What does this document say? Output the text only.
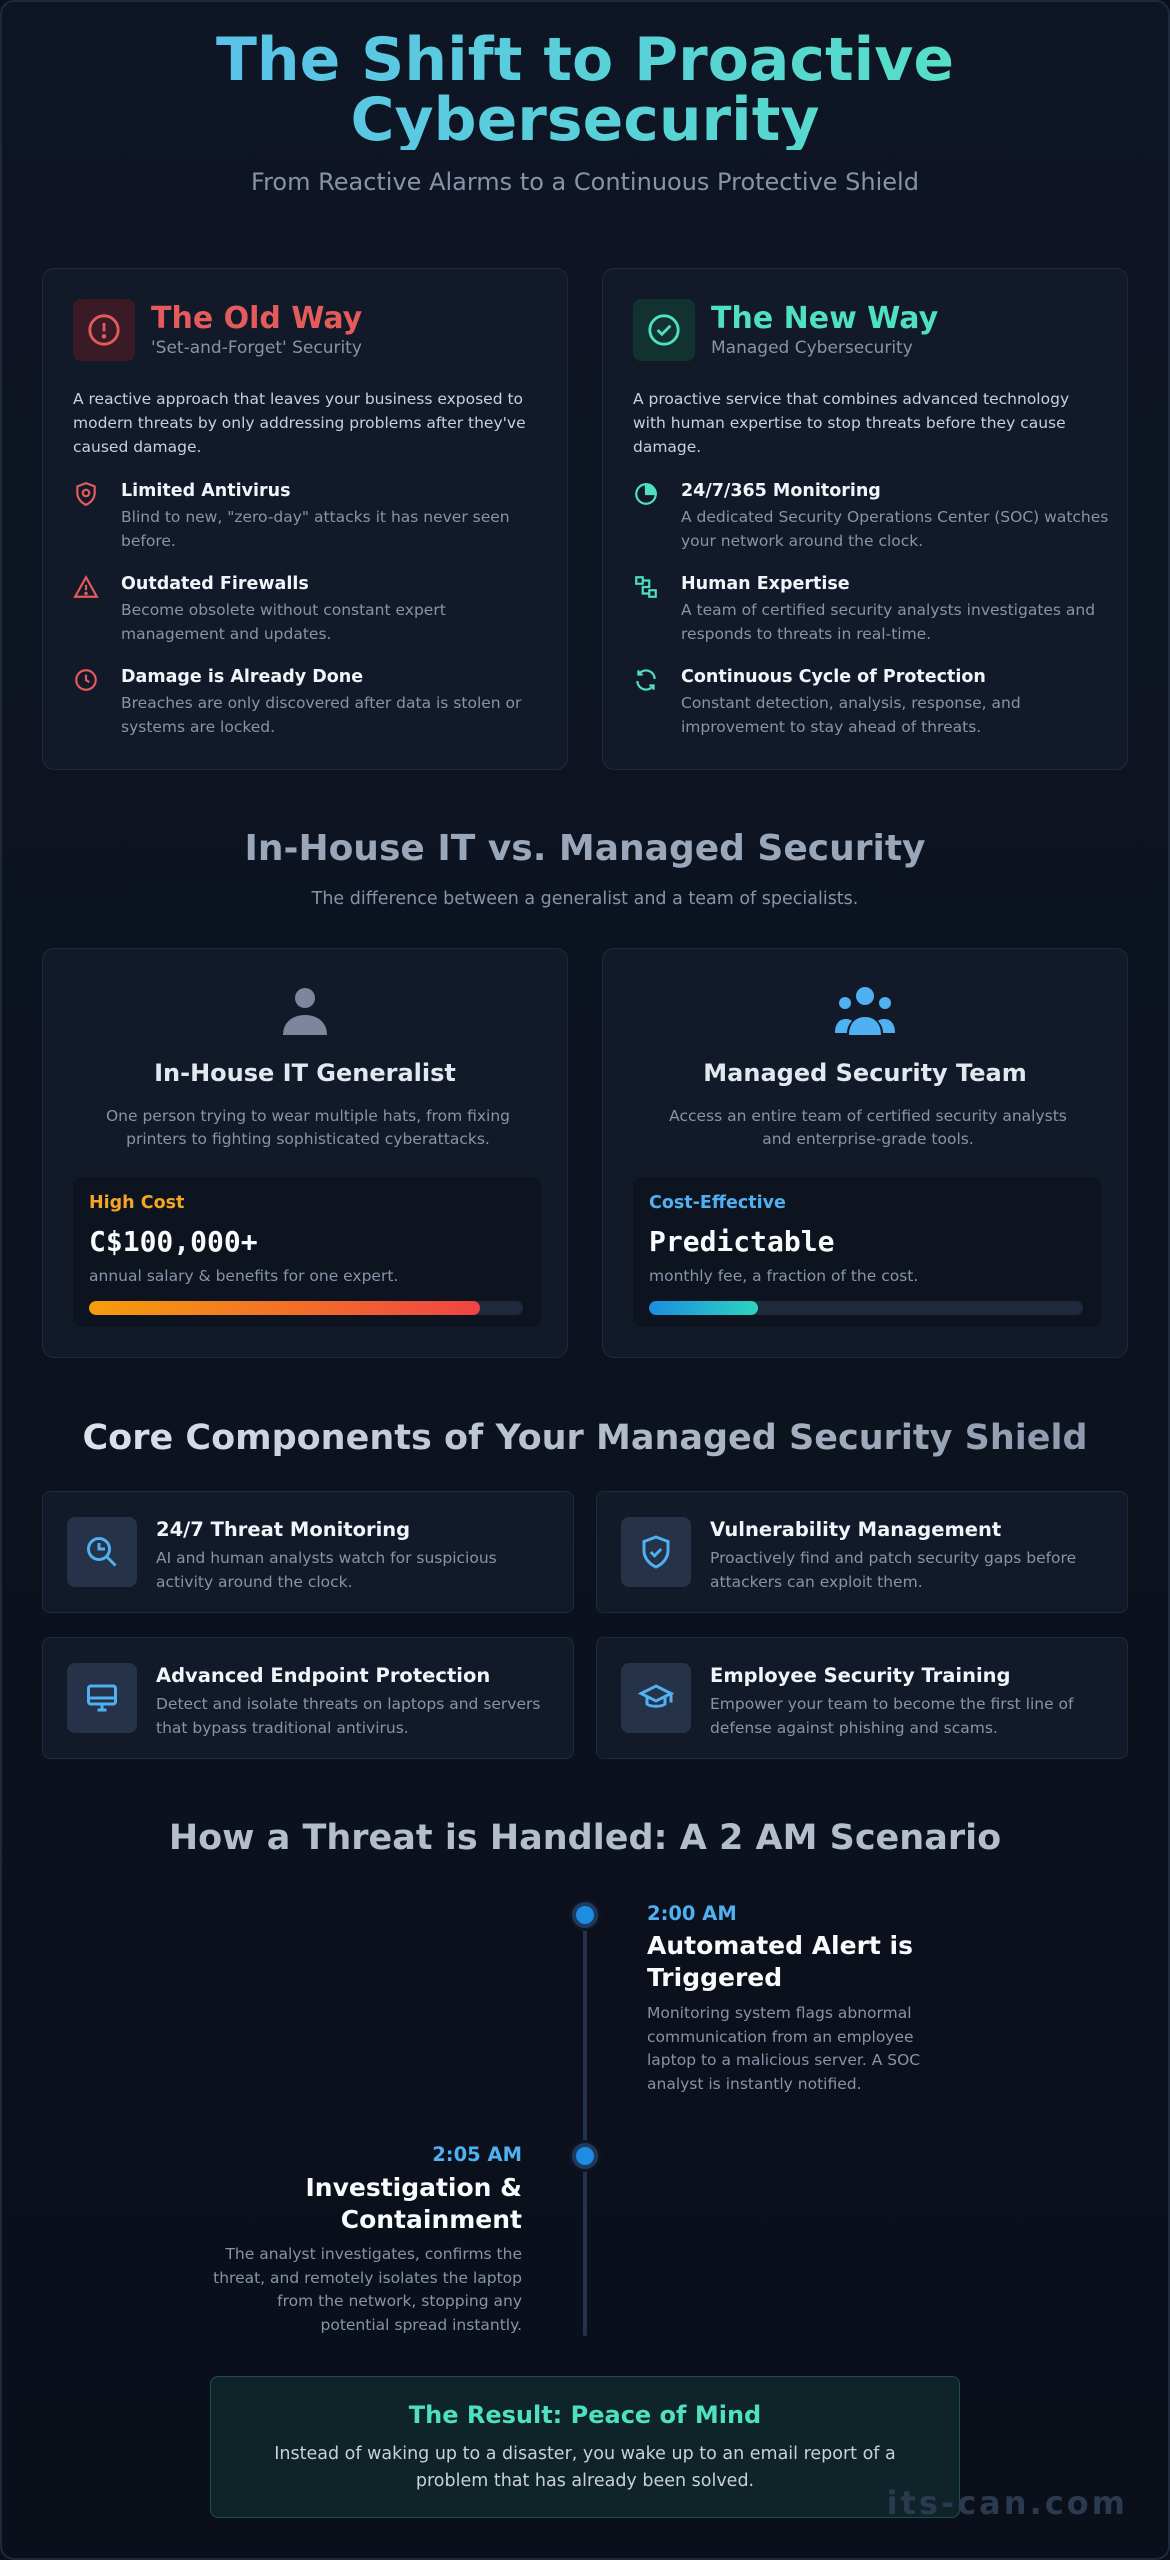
The Shift to Proactive Cybersecurity
From Reactive Alarms to a Continuous Protective Shield
The Old Way
'Set-and-Forget' Security
A reactive approach that leaves your business exposed to modern threats by only addressing problems after they've caused damage.
Limited Antivirus
Blind to new, "zero-day" attacks it has never seen before.
Outdated Firewalls
Become obsolete without constant expert management and updates.
Damage is Already Done
Breaches are only discovered after data is stolen or systems are locked.
The New Way
Managed Cybersecurity
A proactive service that combines advanced technology with human expertise to stop threats before they cause damage.
24/7/365 Monitoring
A dedicated Security Operations Center (SOC) watches your network around the clock.
Human Expertise
A team of certified security analysts investigates and responds to threats in real-time.
Continuous Cycle of Protection
Constant detection, analysis, response, and improvement to stay ahead of threats.
In-House IT vs. Managed Security
The difference between a generalist and a team of specialists.
In-House IT Generalist
One person trying to wear multiple hats, from fixing printers to fighting sophisticated cyberattacks.
High Cost
C$100,000+
annual salary & benefits for one expert.
Managed Security Team
Access an entire team of certified security analysts and enterprise-grade tools.
Cost-Effective
Predictable
monthly fee, a fraction of the cost.
Core Components of Your Managed Security Shield
24/7 Threat Monitoring
AI and human analysts watch for suspicious activity around the clock.
Vulnerability Management
Proactively find and patch security gaps before attackers can exploit them.
Advanced Endpoint Protection
Detect and isolate threats on laptops and servers that bypass traditional antivirus.
Employee Security Training
Empower your team to become the first line of defense against phishing and scams.
How a Threat is Handled: A 2 AM Scenario
2:00 AM
Automated Alert is Triggered
Monitoring system flags abnormal communication from an employee laptop to a malicious server. A SOC analyst is instantly notified.
2:05 AM
Investigation & Containment
The analyst investigates, confirms the threat, and remotely isolates the laptop from the network, stopping any potential spread instantly.
The Result: Peace of Mind
Instead of waking up to a disaster, you wake up to an email report of a problem that has already been solved.
its-can.com
